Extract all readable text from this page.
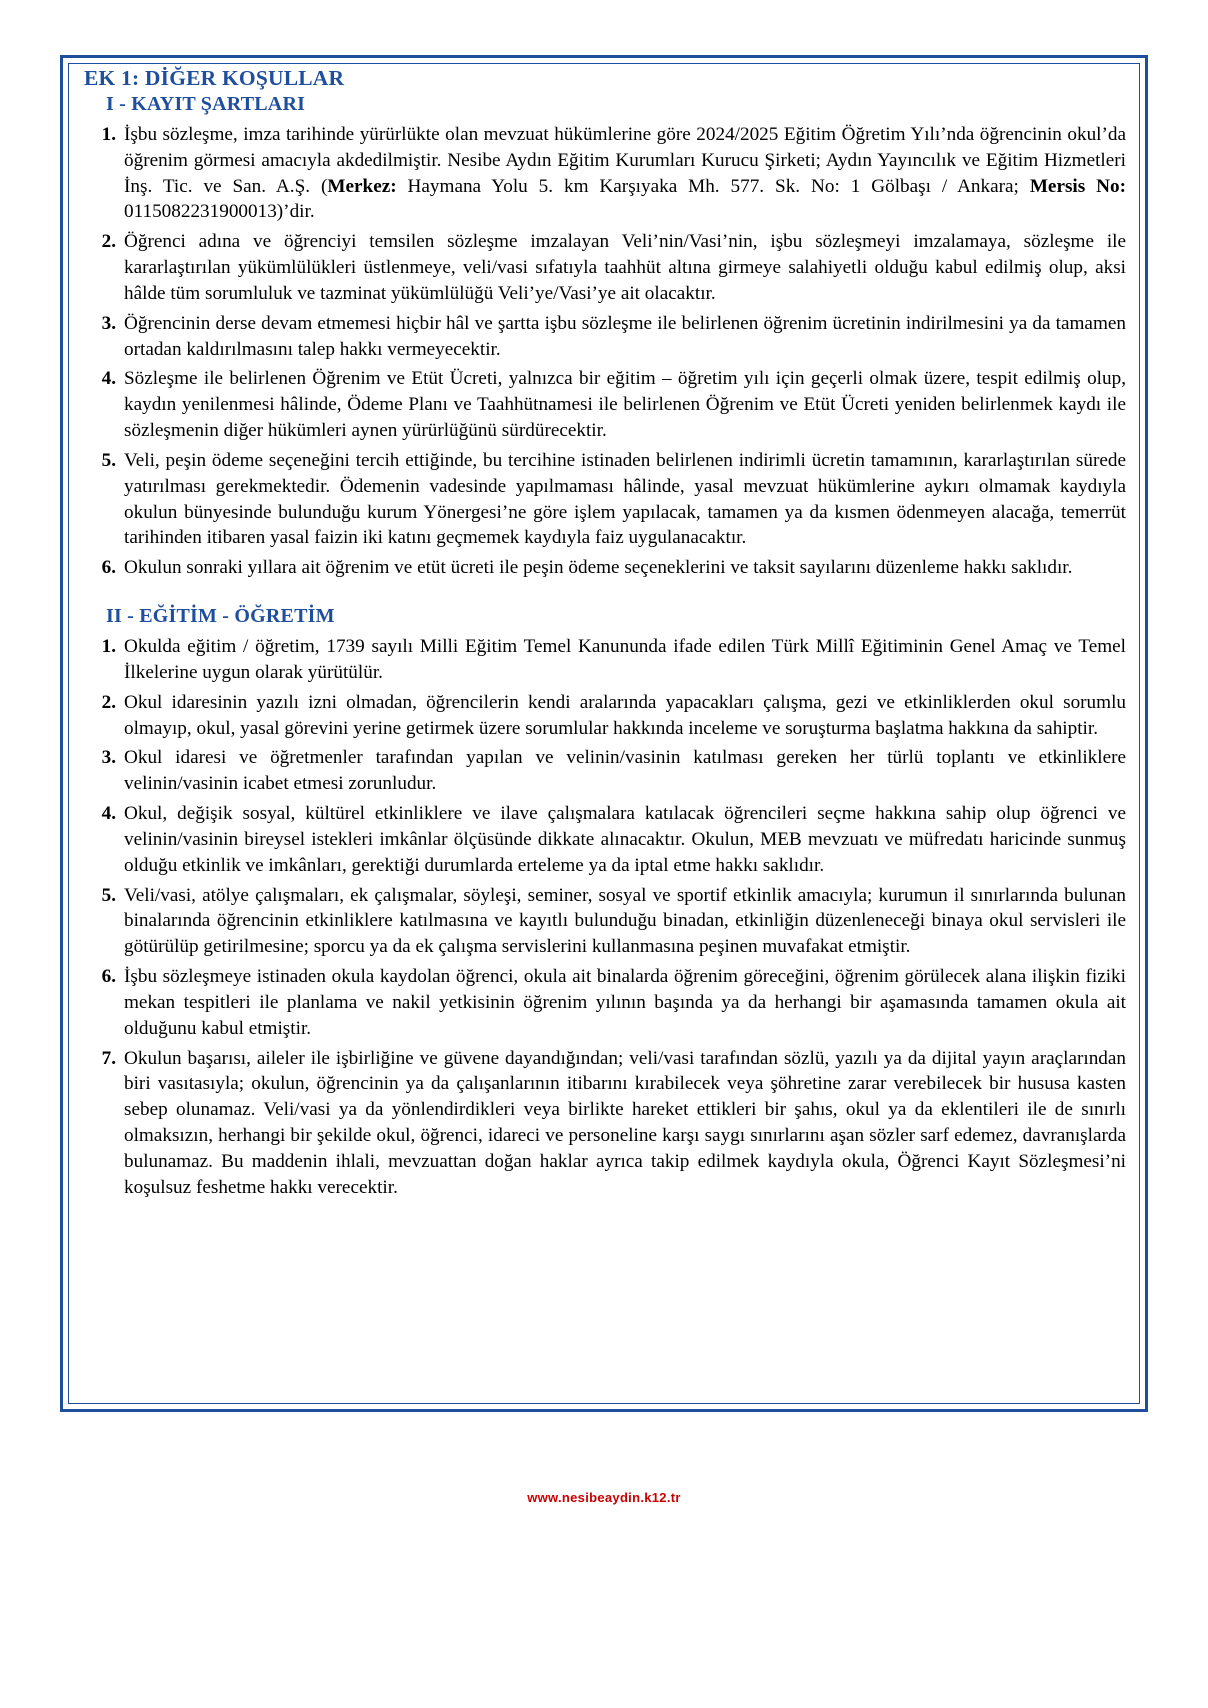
EK 1: DİĞER KOŞULLAR
I - KAYIT ŞARTLARI
1. İşbu sözleşme, imza tarihinde yürürlükte olan mevzuat hükümlerine göre 2024/2025 Eğitim Öğretim Yılı’nda öğrencinin okul’da öğrenim görmesi amacıyla akdedilmiştir. Nesibe Aydın Eğitim Kurumları Kurucu Şirketi; Aydın Yayıncılık ve Eğitim Hizmetleri İnş. Tic. ve San. A.Ş. (Merkez: Haymana Yolu 5. km Karşıyaka Mh. 577. Sk. No: 1 Gölbaşı / Ankara; Mersis No: 0115082231900013)’dir.
2. Öğrenci adına ve öğrenciyi temsilen sözleşme imzalayan Veli’nin/Vasi’nin, işbu sözleşmeyi imzalamaya, sözleşme ile kararlaştırılan yükümlülükleri üstlenmeye, veli/vasi sıfatıyla taahhüt altına girmeye salahiyetli olduğu kabul edilmiş olup, aksi hâlde tüm sorumluluk ve tazminat yükümlülüğü Veli’ye/Vasi’ye ait olacaktır.
3. Öğrencinin derse devam etmemesi hiçbir hâl ve şartta işbu sözleşme ile belirlenen öğrenim ücretinin indirilmesini ya da tamamen ortadan kaldırılmasını talep hakkı vermeyecektir.
4. Sözleşme ile belirlenen Öğrenim ve Etüt Ücreti, yalnızca bir eğitim – öğretim yılı için geçerli olmak üzere, tespit edilmiş olup, kaydın yenilenmesi hâlinde, Ödeme Planı ve Taahhütnamesi ile belirlenen Öğrenim ve Etüt Ücreti yeniden belirlenmek kaydı ile sözleşmenin diğer hükümleri aynen yürürlüğünü sürdürecektir.
5. Veli, peşin ödeme seçeneğini tercih ettiğinde, bu tercihine istinaden belirlenen indirimli ücretin tamamının, kararlaştırılan sürede yatırılması gerekmektedir. Ödemenin vadesinde yapılmaması hâlinde, yasal mevzuat hükümlerine aykırı olmamak kaydıyla okulun bünyesinde bulunduğu kurum Yönergesi’ne göre işlem yapılacak, tamamen ya da kısmen ödenmeyen alacağa, temerrüt tarihinden itibaren yasal faizin iki katını geçmemek kaydıyla faiz uygulanacaktır.
6. Okulun sonraki yıllara ait öğrenim ve etüt ücreti ile peşin ödeme seçeneklerini ve taksit sayılarını düzenleme hakkı saklıdır.
II - EĞİTİM - ÖĞRETİM
1. Okulda eğitim / öğretim, 1739 sayılı Milli Eğitim Temel Kanununda ifade edilen Türk Millî Eğitiminin Genel Amaç ve Temel İlkelerine uygun olarak yürütülür.
2. Okul idaresinin yazılı izni olmadan, öğrencilerin kendi aralarında yapacakları çalışma, gezi ve etkinliklerden okul sorumlu olmayıp, okul, yasal görevini yerine getirmek üzere sorumlular hakkında inceleme ve soruşturma başlatma hakkına da sahiptir.
3. Okul idaresi ve öğretmenler tarafından yapılan ve velinin/vasinin katılması gereken her türlü toplantı ve etkinliklere velinin/vasinin icabet etmesi zorunludur.
4. Okul, değişik sosyal, kültürel etkinliklere ve ilave çalışmalara katılacak öğrencileri seçme hakkına sahip olup öğrenci ve velinin/vasinin bireysel istekleri imkânlar ölçüsünde dikkate alınacaktır. Okulun, MEB mevzuatı ve müfredatı haricinde sunmuş olduğu etkinlik ve imkânları, gerektiği durumlarda erteleme ya da iptal etme hakkı saklıdır.
5. Veli/vasi, atölye çalışmaları, ek çalışmalar, söyleşi, seminer, sosyal ve sportif etkinlik amacıyla; kurumun il sınırlarında bulunan binalarında öğrencinin etkinliklere katılmasına ve kayıtlı bulunduğu binadan, etkinliğin düzenleneceği binaya okul servisleri ile götürülüp getirilmesine; sporcu ya da ek çalışma servislerini kullanmasına peşinen muvafakat etmiştir.
6. İşbu sözleşmeye istinaden okula kaydolan öğrenci, okula ait binalarda öğrenim göreceğini, öğrenim görülecek alana ilişkin fiziki mekan tespitleri ile planlama ve nakil yetkisinin öğrenim yılının başında ya da herhangi bir aşamasında tamamen okula ait olduğunu kabul etmiştir.
7. Okulun başarısı, aileler ile işbirliğine ve güvene dayandığından; veli/vasi tarafından sözlü, yazılı ya da dijital yayın araçlarından biri vasıtasıyla; okulun, öğrencinin ya da çalışanlarının itibarını kırabilecek veya şöhretine zarar verebilecek bir hususa kasten sebep olunamaz. Veli/vasi ya da yönlendirdikleri veya birlikte hareket ettikleri bir şahıs, okul ya da eklentileri ile de sınırlı olmaksızın, herhangi bir şekilde okul, öğrenci, idareci ve personeline karşı saygı sınırlarını aşan sözler sarf edemez, davranışlarda bulunamaz. Bu maddenin ihlali, mevzuattan doğan haklar ayrıca takip edilmek kaydıyla okula, Öğrenci Kayıt Sözleşmesi’ni koşulsuz feshetme hakkı verecektir.
www.nesibeaydin.k12.tr
